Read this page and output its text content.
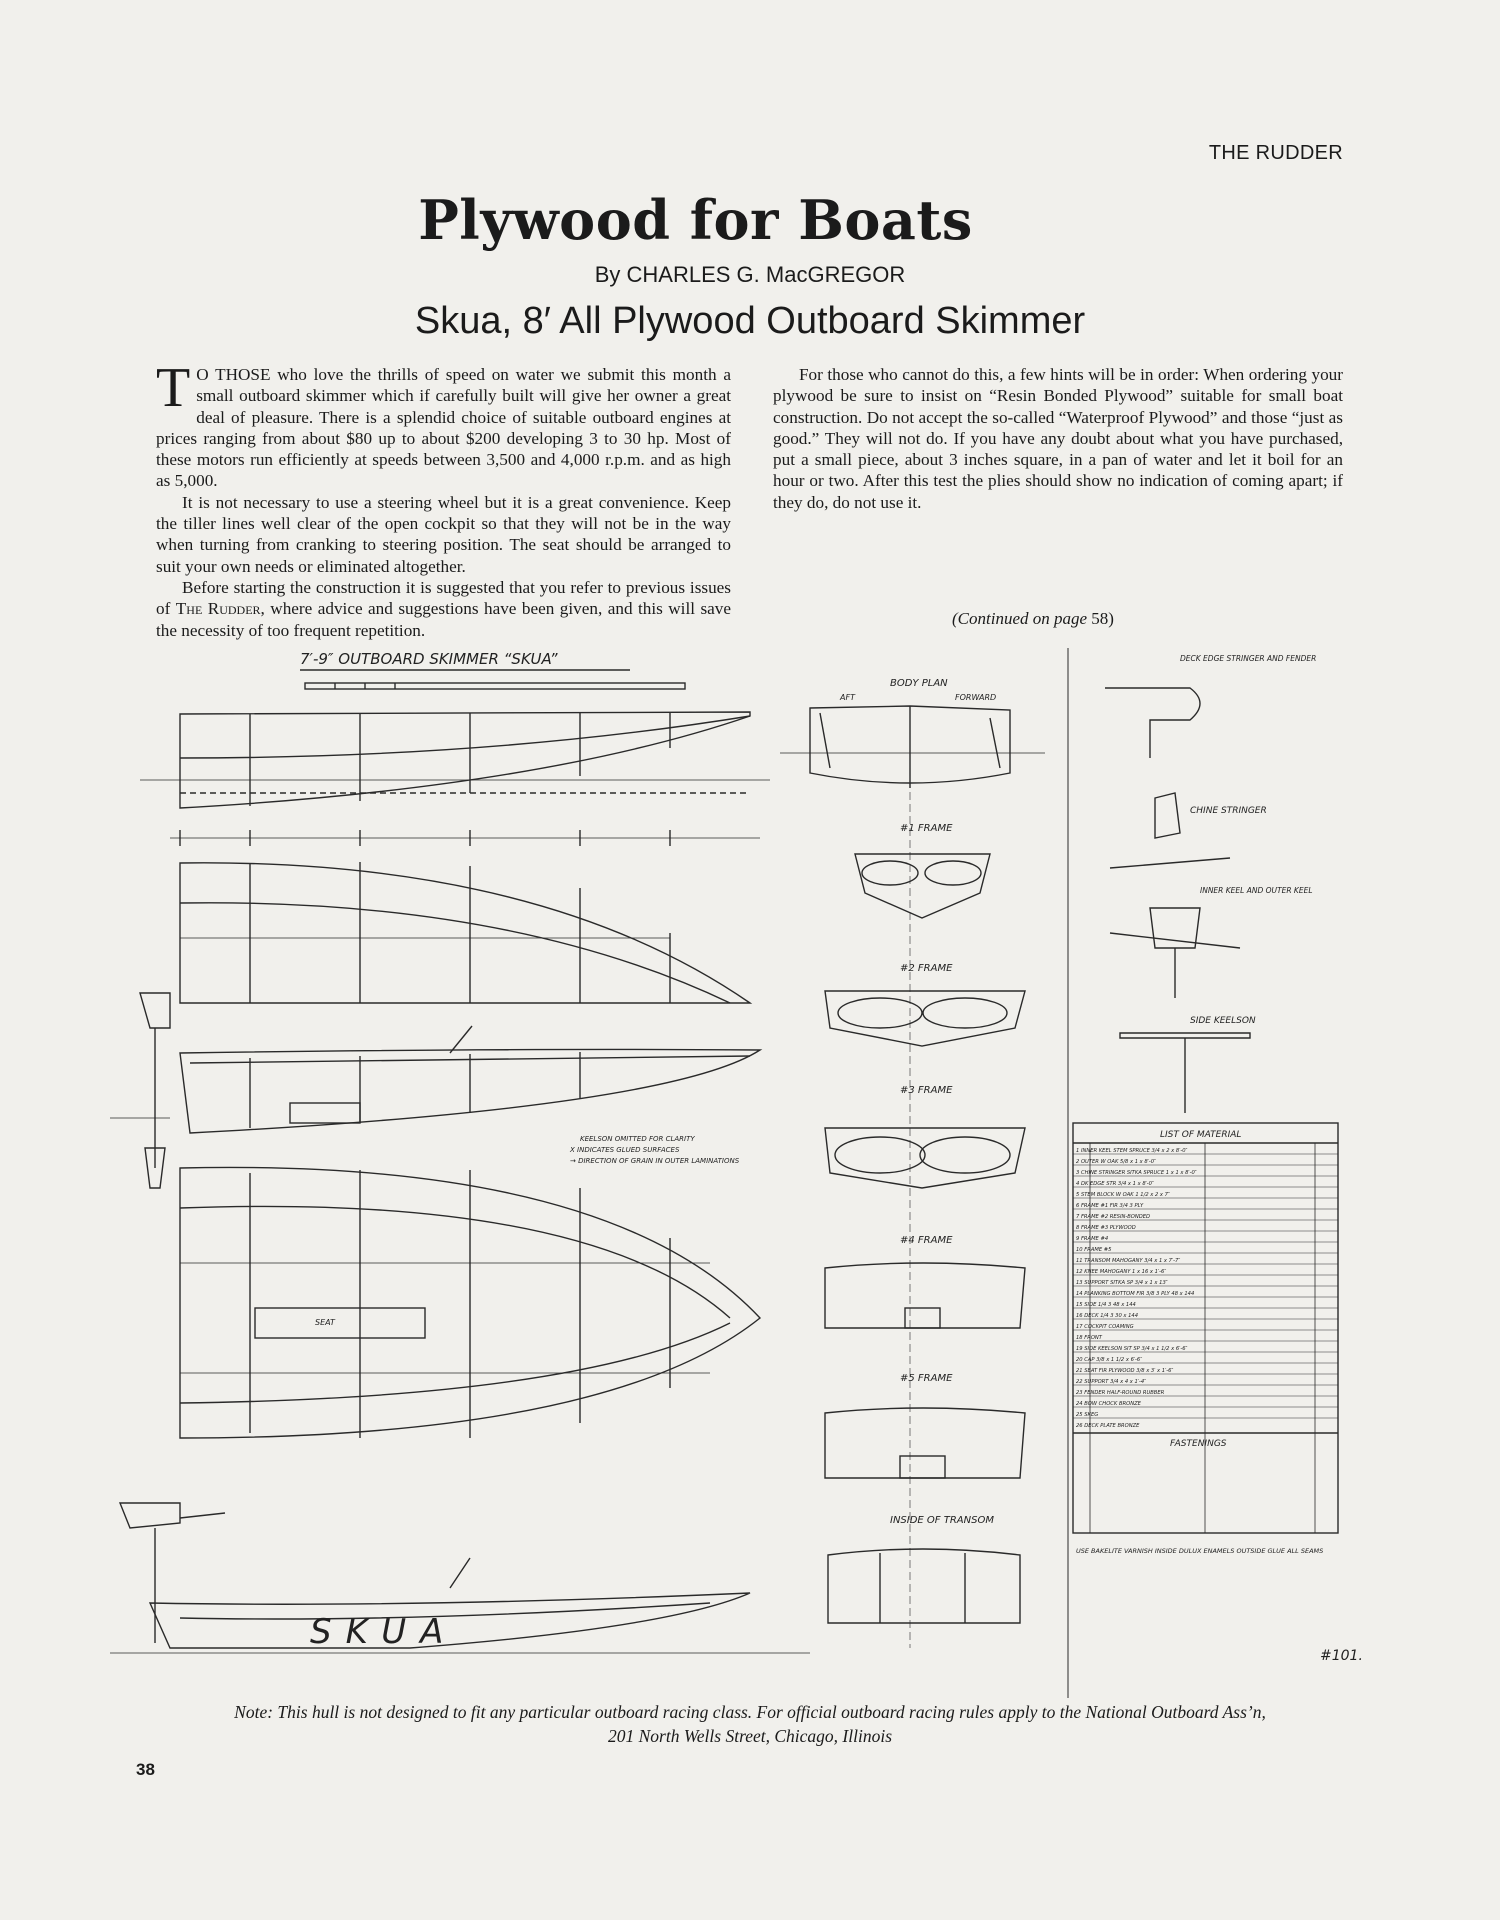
THE RUDDER
Plywood for Boats
By CHARLES G. MacGREGOR
Skua, 8′ All Plywood Outboard Skimmer

T O THOSE who love the thrills of speed on water we submit this month a small outboard skimmer which if carefully built will give her owner a great deal of pleasure. There is a splendid choice of suitable outboard engines at prices ranging from about $80 up to about $200 developing 3 to 30 hp. Most of these motors run efficiently at speeds between 3,500 and 4,000 r.p.m. and as high as 5,000.

It is not necessary to use a steering wheel but it is a great convenience. Keep the tiller lines well clear of the open cockpit so that they will not be in the way when turning from cranking to steering position. The seat should be arranged to suit your own needs or eliminated altogether.

Before starting the construction it is suggested that you refer to previous issues of The Rudder, where advice and suggestions have been given, and this will save the necessity of too frequent repetition.

For those who cannot do this, a few hints will be in order: When ordering your plywood be sure to insist on “Resin Bonded Plywood” suitable for small boat construction. Do not accept the so-called “Waterproof Plywood” and those “just as good.” They will not do. If you have any doubt about what you have purchased, put a small piece, about 3 inches square, in a pan of water and let it boil for an hour or two. After this test the plies should show no indication of coming apart; if they do, do not use it.

(Continued on page 58)
7′-9″ OUTBOARD SKIMMER “SKUA”
BODY PLAN
AFT	FORWARD
#1 FRAME
#2 FRAME
#3 FRAME
#4 FRAME
#5 FRAME
INSIDE OF TRANSOM
DECK EDGE STRINGER AND FENDER
CHINE STRINGER
INNER KEEL AND OUTER KEEL
SIDE KEELSON
KEELSON OMITTED FOR CLARITY
X INDICATES GLUED SURFACES
→ DIRECTION OF GRAIN IN OUTER LAMINATIONS
SEAT
SKUA
LIST OF MATERIAL
FASTENINGS
#101.
1 INNER KEEL STEM SPRUCE 3/4 x 2 x 8′-0″
2 OUTER W OAK 5/8 x 1 x 8′-0″
3 CHINE STRINGER SITKA SPRUCE 1 x 1 x 8′-0″
4 DK EDGE STR 3/4 x 1 x 8′-0″
5 STEM BLOCK W OAK 1 1/2 x 2 x 7″
6 FRAME #1 FIR 3/4 3 PLY
7 FRAME #2 RESIN-BONDED
8 FRAME #3 PLYWOOD
9 FRAME #4
10 FRAME #5
11 TRANSOM MAHOGANY 3/4 x 1 x 7′-7″
12 KNEE MAHOGANY 1 x 16 x 1′-6″
13 SUPPORT SITKA SP 3/4 x 1 x 13″
14 PLANKING BOTTOM FIR 3/8 3 PLY 48 x 144
15 SIDE 1/4 3 48 x 144
16 DECK 1/4 3 30 x 144
17 COCKPIT COAMING
18 FRONT
19 SIDE KEELSON SIT SP 3/4 x 1 1/2 x 6′-6″
20 CAP 3/8 x 1 1/2 x 6′-6″
21 SEAT FIR PLYWOOD 3/8 x 3′ x 1′-6″
22 SUPPORT 3/4 x 4 x 1′-4″
23 FENDER HALF-ROUND RUBBER
24 BOW CHOCK BRONZE
25 SKEG
26 DECK PLATE BRONZE
USE BAKELITE VARNISH INSIDE DULUX ENAMELS OUTSIDE GLUE ALL SEAMS
Note: This hull is not designed to fit any particular outboard racing class. For official outboard racing rules apply to the National Outboard Ass’n,
201 North Wells Street, Chicago, Illinois
38
